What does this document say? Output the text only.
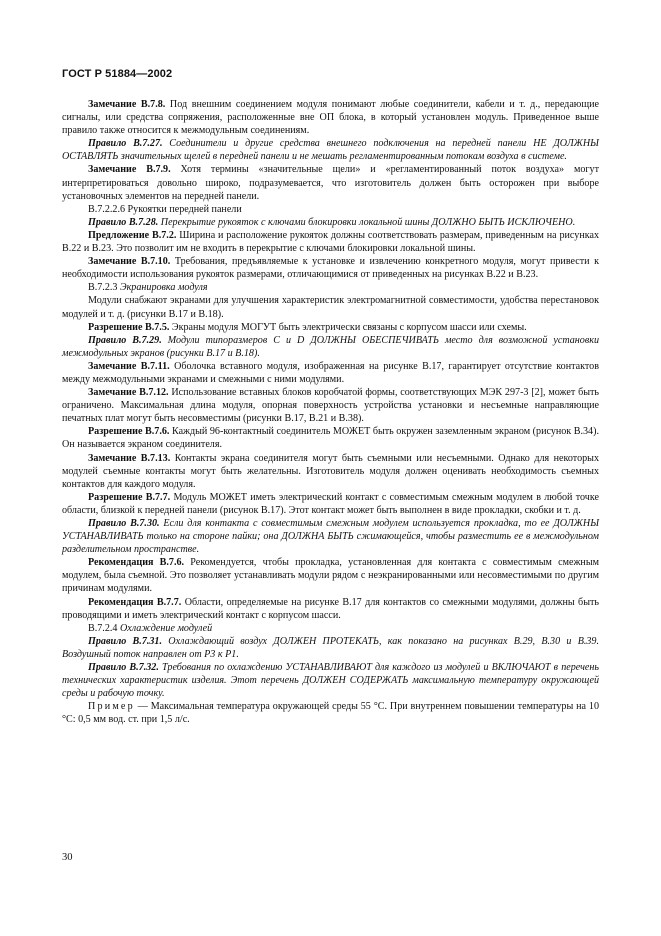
ГОСТ Р 51884—2002

Замечание В.7.8. Под внешним соединением модуля понимают любые соединители, кабели и т. д., передающие сигналы, или средства сопряжения, расположенные вне ОП блока, в который установлен модуль. Приведенное выше правило также относится к межмодульным соединениям.

Правило В.7.27. Соединители и другие средства внешнего подключения на передней панели НЕ ДОЛЖНЫ ОСТАВЛЯТЬ значительных щелей в передней панели и не мешать регламентированным потокам воздуха в системе.

Замечание В.7.9. Хотя термины «значительные щели» и «регламентированный поток воздуха» могут интерпретироваться довольно широко, подразумевается, что изготовитель должен быть осторожен при выборе установочных элементов на передней панели.

В.7.2.2.6 Рукоятки передней панели

Правило В.7.28. Перекрытие рукояток с ключами блокировки локальной шины ДОЛЖНО БЫТЬ ИСКЛЮЧЕНО.

Предложение В.7.2. Ширина и расположение рукояток должны соответствовать размерам, приведенным на рисунках В.22 и В.23. Это позволит им не входить в перекрытие с ключами блокировки локальной шины.

Замечание В.7.10. Требования, предъявляемые к установке и извлечению конкретного модуля, могут привести к необходимости использования рукояток размерами, отличающимися от приведенных на рисунках В.22 и В.23.

В.7.2.3 Экранировка модуля

Модули снабжают экранами для улучшения характеристик электромагнитной совместимости, удобства перестановок модулей и т. д. (рисунки В.17 и В.18).

Разрешение В.7.5. Экраны модуля МОГУТ быть электрически связаны с корпусом шасси или схемы.

Правило В.7.29. Модули типоразмеров С и D ДОЛЖНЫ ОБЕСПЕЧИВАТЬ место для возможной установки межмодульных экранов (рисунки В.17 и В.18).

Замечание В.7.11. Оболочка вставного модуля, изображенная на рисунке В.17, гарантирует отсутствие контактов между межмодульными экранами и смежными с ними модулями.

Замечание В.7.12. Использование вставных блоков коробчатой формы, соответствующих МЭК 297-3 [2], может быть ограничено. Максимальная длина модуля, опорная поверхность устройства установки и несъемные направляющие печатных плат могут быть несовместимы (рисунки В.17, В.21 и В.38).

Разрешение В.7.6. Каждый 96-контактный соединитель МОЖЕТ быть окружен заземленным экраном (рисунок В.34). Он называется экраном соединителя.

Замечание В.7.13. Контакты экрана соединителя могут быть съемными или несъемными. Однако для некоторых модулей съемные контакты могут быть желательны. Изготовитель модуля должен оценивать необходимость съемных контактов для каждого модуля.

Разрешение В.7.7. Модуль МОЖЕТ иметь электрический контакт с совместимым смежным модулем в любой точке области, близкой к передней панели (рисунок В.17). Этот контакт может быть выполнен в виде прокладки, скобки и т. д.

Правило В.7.30. Если для контакта с совместимым смежным модулем используется прокладка, то ее ДОЛЖНЫ УСТАНАВЛИВАТЬ только на стороне пайки; она ДОЛЖНА БЫТЬ сжимающейся, чтобы разместить ее в межмодульном разделительном пространстве.

Рекомендация В.7.6. Рекомендуется, чтобы прокладка, установленная для контакта с совместимым смежным модулем, была съемной. Это позволяет устанавливать модули рядом с неэкранированными или несовместимыми по другим причинам модулями.

Рекомендация В.7.7. Области, определяемые на рисунке В.17 для контактов со смежными модулями, должны быть проводящими и иметь электрический контакт с корпусом шасси.

В.7.2.4 Охлаждение модулей

Правило В.7.31. Охлаждающий воздух ДОЛЖЕН ПРОТЕКАТЬ, как показано на рисунках В.29, В.30 и В.39. Воздушный поток направлен от Р3 к Р1.

Правило В.7.32. Требования по охлаждению УСТАНАВЛИВАЮТ для каждого из модулей и ВКЛЮЧАЮТ в перечень технических характеристик изделия. Этот перечень ДОЛЖЕН СОДЕРЖАТЬ максимальную температуру окружающей среды и рабочую точку.

Пример — Максимальная температура окружающей среды 55 °С. При внутреннем повышении температуры на 10 °С: 0,5 мм вод. ст. при 1,5 л/с.

30
